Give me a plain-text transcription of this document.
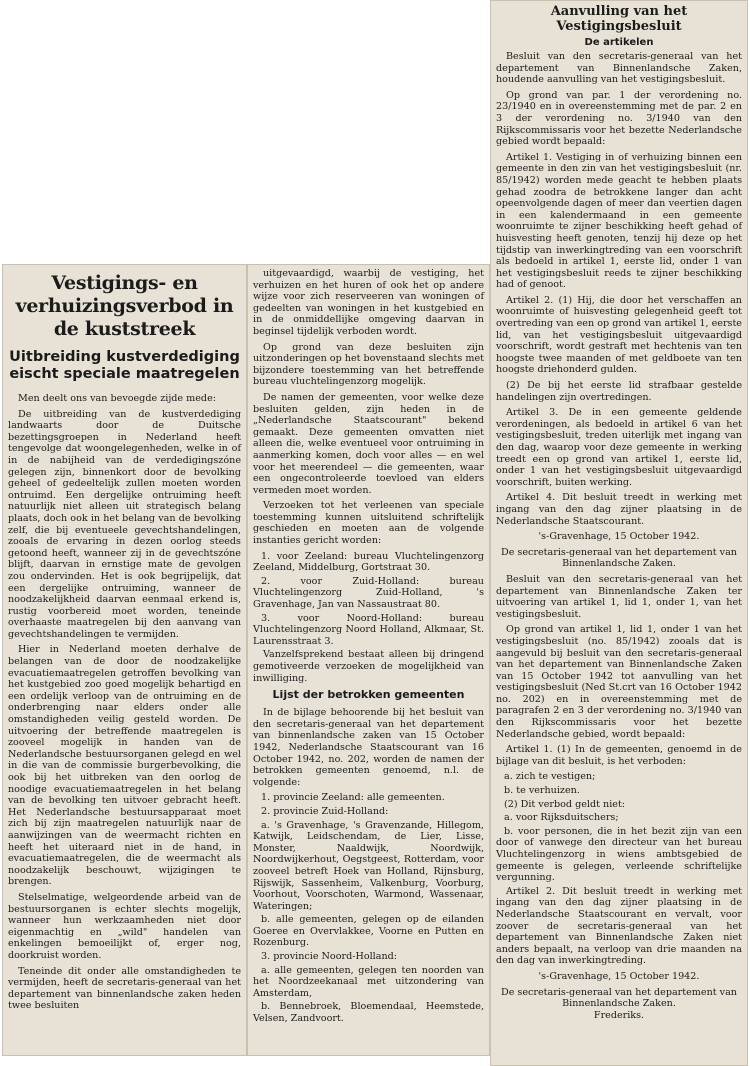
Vestigings- en verhuizingsverbod in de kuststreek
Uitbreiding kustverdediging eischt speciale maatregelen

Men deelt ons van bevoegde zijde mede:

De uitbreiding van de kustverdediging landwaarts door de Duitsche bezettingsgroepen in Nederland heeft tengevolge dat woongelegenheden, welke in of in de nabijheid van de verdedigingszóne gelegen zijn, binnenkort door de bevolking geheel of gedeeltelijk zullen moeten worden ontruimd. Een dergelijke ontruiming heeft natuurlijk niet alleen uit strategisch belang plaats, doch ook in het belang van de bevolking zelf, die bij eventueele gevechtshandelingen, zooals de ervaring in dezen oorlog steeds getoond heeft, wanneer zij in de gevechtszóne blijft, daarvan in ernstige mate de gevolgen zou ondervinden. Het is ook begrijpelijk, dat een dergelijke ontruiming, wanneer de noodzakelijkheid daarvan eenmaal erkend is, rustig voorbereid moet worden, teneinde overhaaste maatregelen bij den aanvang van gevechtshandelingen te vermijden.

Hier in Nederland moeten derhalve de belangen van de door de noodzakelijke evacuatiemaatregelen getroffen bevolking van het kustgebied zoo goed mogelijk behartigd en een ordelijk verloop van de ontruiming en de onderbrenging naar elders onder alle omstandigheden veilig gesteld worden. De uitvoering der betreffende maatregelen is zooveel mogelijk in handen van de Nederlandsche bestuursorganen gelegd en wel in die van de commissie burgerbevolking, die ook bij het uitbreken van den oorlog de noodige evacuatiemaatregelen in het belang van de bevolking ten uitvoer gebracht heeft. Het Nederlandsche bestuursapparaat moet zich bij zijn maatregelen natuurlijk naar de aanwijzingen van de weermacht richten en heeft het uiteraard niet in de hand, in evacuatiemaatregelen, die de weermacht als noodzakelijk beschouwt, wijzigingen te brengen.

Stelselmatige, welgeordende arbeid van de bestuursorganen is echter slechts mogelijk, wanneer hun werkzaamheden niet door eigenmachtig en „wild" handelen van enkelingen bemoeilijkt of, erger nog, doorkruist worden.

Teneinde dit onder alle omstandigheden te vermijden, heeft de secretaris-generaal van het departement van binnenlandsche zaken heden twee besluiten

uitgevaardigd, waarbij de vestiging, het verhuizen en het huren of ook het op andere wijze voor zich reserveeren van woningen of gedeelten van woningen in het kustgebied en in de onmiddellijke omgeving daarvan in beginsel tijdelijk verboden wordt.

Op grond van deze besluiten zijn uitzonderingen op het bovenstaand slechts met bijzondere toestemming van het betreffende bureau vluchtelingenzorg mogelijk.

De namen der gemeenten, voor welke deze besluiten gelden, zijn heden in de „Nederlandsche Staatscourant" bekend gemaakt. Deze gemeenten omvatten niet alleen die, welke eventueel voor ontruiming in aanmerking komen, doch voor alles — en wel voor het meerendeel — die gemeenten, waar een ongecontroleerde toevloed van elders vermeden moet worden.

Verzoeken tot het verleenen van speciale toestemming kunnen uitsluitend schriftelijk geschieden en moeten aan de volgende instanties gericht worden:

1. voor Zeeland: bureau Vluchtelingenzorg Zeeland, Middelburg, Gortstraat 30.

2. voor Zuid-Holland: bureau Vluchtelingenzorg Zuid-Holland, 's Gravenhage, Jan van Nassaustraat 80.

3. voor Noord-Holland: bureau Vluchtelingenzorg Noord Holland, Alkmaar, St. Laurensstraat 3.

Vanzelfsprekend bestaat alleen bij dringend gemotiveerde verzoeken de mogelijkheid van inwilliging.

Lijst der betrokken gemeenten

In de bijlage behoorende bij het besluit van den secretaris-generaal van het departement van binnenlandsche zaken van 15 October 1942, Nederlandsche Staatscourant van 16 October 1942, no. 202, worden de namen der betrokken gemeenten genoemd, n.l. de volgende:

1. provincie Zeeland: alle gemeenten.

2. provincie Zuid-Holland:

a. 's Gravenhage, 's Gravenzande, Hillegom, Katwijk, Leidschendam, de Lier, Lisse, Monster, Naaldwijk, Noordwijk, Noordwijkerhout, Oegstgeest, Rotterdam, voor zooveel betreft Hoek van Holland, Rijnsburg, Rijswijk, Sassenheim, Valkenburg, Voorburg, Voorhout, Voorschoten, Warmond, Wassenaar, Wateringen;

b. alle gemeenten, gelegen op de eilanden Goeree en Overvlakkee, Voorne en Putten en Rozenburg.

3. provincie Noord-Holland:

a. alle gemeenten, gelegen ten noorden van het Noordzeekanaal met uitzondering van Amsterdam,

b. Bennebroek, Bloemendaal, Heemstede, Velsen, Zandvoort.

Aanvulling van het Vestigingsbesluit
De artikelen

Besluit van den secretaris-generaal van het departement van Binnenlandsche Zaken, houdende aanvulling van het vestigingsbesluit.

Op grond van par. 1 der verordening no. 23/1940 en in overeenstemming met de par. 2 en 3 der verordening no. 3/1940 van den Rijkscommissaris voor het bezette Nederlandsche gebied wordt bepaald:

Artikel 1. Vestiging in of verhuizing binnen een gemeente in den zin van het vestigingsbesluit (nr. 85/1942) worden mede geacht te hebben plaats gehad zoodra de betrokkene langer dan acht opeenvolgende dagen of meer dan veertien dagen in een kalendermaand in een gemeente woonruimte te zijner beschikking heeft gehad of huisvesting heeft genoten, tenzij hij deze op het tijdstip van inwerkingtreding van een voorschrift als bedoeld in artikel 1, eerste lid, onder 1 van het vestigingsbesluit reeds te zijner beschikking had of genoot.

Artikel 2. (1) Hij, die door het verschaffen an woonruimte of huisvesting gelegenheid geeft tot overtreding van een op grond van artikel 1, eerste lid, van het vestigingsbesluit uitgevaardigd voorschrift, wordt gestraft met hechtenis van ten hoogste twee maanden of met geldboete van ten hoogste driehonderd gulden.

(2) De bij het eerste lid strafbaar gestelde handelingen zijn overtredingen.

Artikel 3. De in een gemeente geldende verordeningen, als bedoeld in artikel 6 van het vestigingsbesluit, treden uiterlijk met ingang van den dag, waarop voor deze gemeente in werking treedt een op grond van artikel 1, eerste lid, onder 1 van het vestigingsbesluit uitgevaardigd voorschrift, buiten werking.

Artikel 4. Dit besluit treedt in werking met ingang van den dag zijner plaatsing in de Nederlandsche Staatscourant.

's-Gravenhage, 15 October 1942.

De secretaris-generaal van het departement van Binnenlandsche Zaken.

Besluit van den secretaris-generaal van het departement van Binnenlandsche Zaken ter uitvoering van artikel 1, lid 1, onder 1, van het vestigingsbesluit.

Op grond van artikel 1, lid 1, onder 1 van het vestigingsbesluit (no. 85/1942) zooals dat is aangevuld bij besluit van den secretaris-generaal van het departement van Binnenlandsche Zaken van 15 October 1942 tot aanvulling van het vestigingsbesluit (Ned St.crt van 16 October 1942 no. 202) en in overeenstemming met de paragrafen 2 en 3 der verordening no. 3/1940 van den Rijkscommissaris voor het bezette Nederlandsche gebied, wordt bepaald:

Artikel 1. (1) In de gemeenten, genoemd in de bijlage van dit besluit, is het verboden:

a. zich te vestigen;

b. te verhuizen.

(2) Dit verbod geldt niet:

a. voor Rijksduitschers;

b. voor personen, die in het bezit zijn van een door of vanwege den directeur van het bureau Vluchtelingenzorg in wiens ambtsgebied de gemeente is gelegen, verleende schriftelijke vergunning.

Artikel 2. Dit besluit treedt in werking met ingang van den dag zijner plaatsing in de Nederlandsche Staatscourant en vervalt, voor zoover de secretaris-generaal van het departement van Binnenlandsche Zaken niet anders bepaalt, na verloop van drie maanden na den dag van inwerkingtreding.

's-Gravenhage, 15 October 1942.

De secretaris-generaal van het departement van Binnenlandsche Zaken.

Frederiks.
